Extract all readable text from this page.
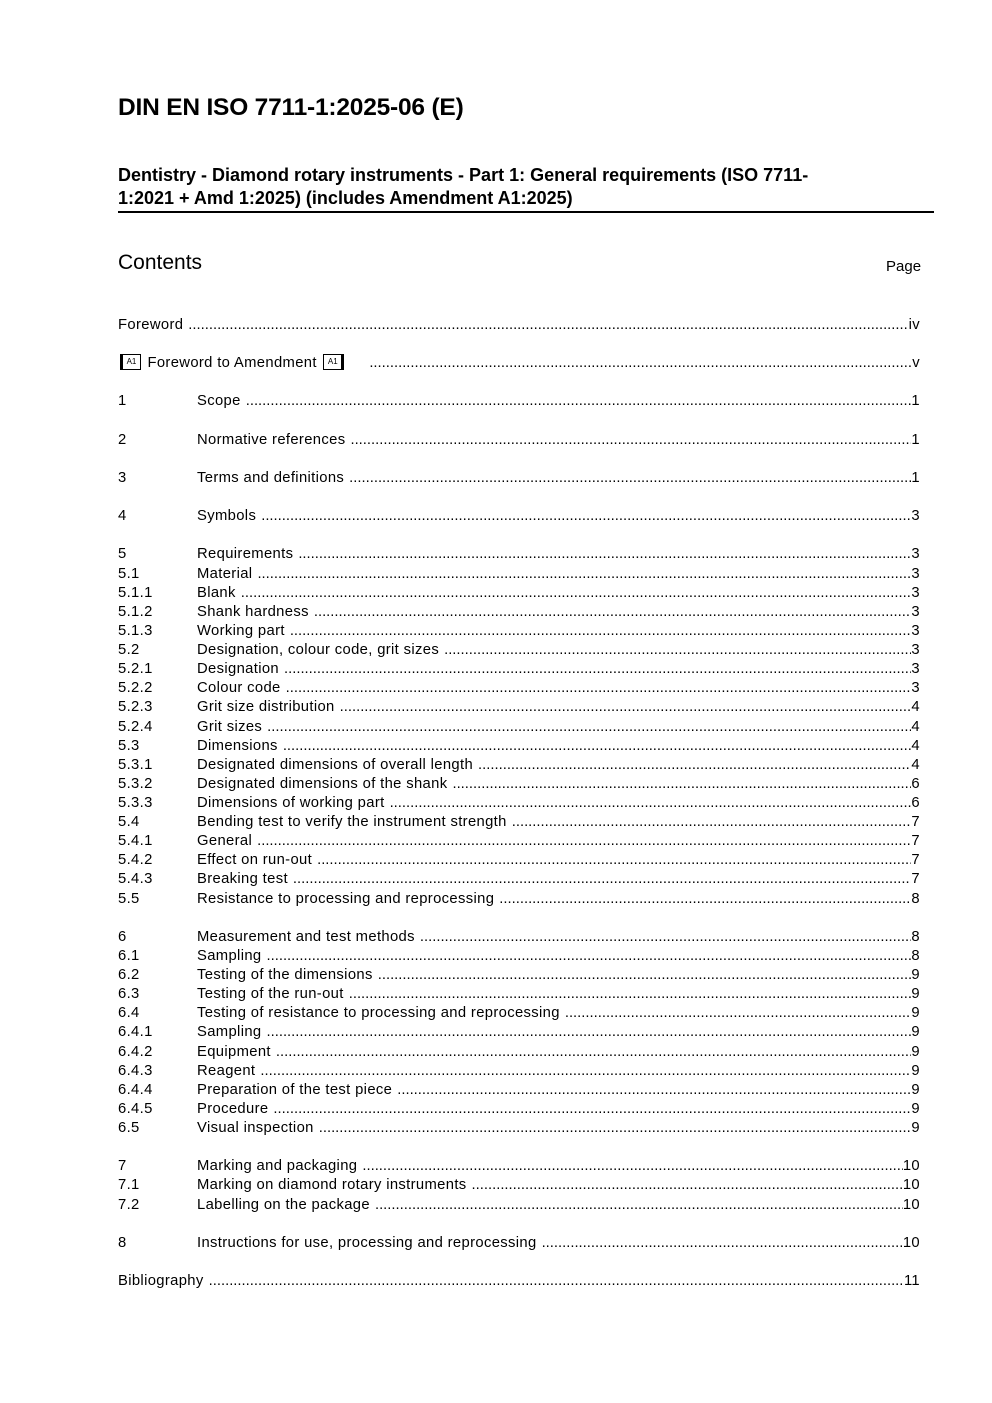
DIN EN ISO 7711-1:2025-06 (E)
Dentistry - Diamond rotary instruments - Part 1: General requirements (ISO 7711-
1:2021 + Amd 1:2025) (includes Amendment A1:2025)
Contents	Page
Foreword .....	iv
A1 Foreword to Amendment A1 .....	v
1	Scope .....	1
2	Normative references .....	1
3	Terms and definitions .....	1
4	Symbols .....	3
5	Requirements .....	3
5.1	Material .....	3
5.1.1	Blank .....	3
5.1.2	Shank hardness .....	3
5.1.3	Working part .....	3
5.2	Designation, colour code, grit sizes .....	3
5.2.1	Designation .....	3
5.2.2	Colour code .....	3
5.2.3	Grit size distribution .....	4
5.2.4	Grit sizes .....	4
5.3	Dimensions .....	4
5.3.1	Designated dimensions of overall length .....	4
5.3.2	Designated dimensions of the shank .....	6
5.3.3	Dimensions of working part .....	6
5.4	Bending test to verify the instrument strength .....	7
5.4.1	General .....	7
5.4.2	Effect on run-out .....	7
5.4.3	Breaking test .....	7
5.5	Resistance to processing and reprocessing .....	8
6	Measurement and test methods .....	8
6.1	Sampling .....	8
6.2	Testing of the dimensions .....	9
6.3	Testing of the run-out .....	9
6.4	Testing of resistance to processing and reprocessing .....	9
6.4.1	Sampling .....	9
6.4.2	Equipment .....	9
6.4.3	Reagent .....	9
6.4.4	Preparation of the test piece .....	9
6.4.5	Procedure .....	9
6.5	Visual inspection .....	9
7	Marking and packaging .....	10
7.1	Marking on diamond rotary instruments .....	10
7.2	Labelling on the package .....	10
8	Instructions for use, processing and reprocessing .....	10
Bibliography .....	11
